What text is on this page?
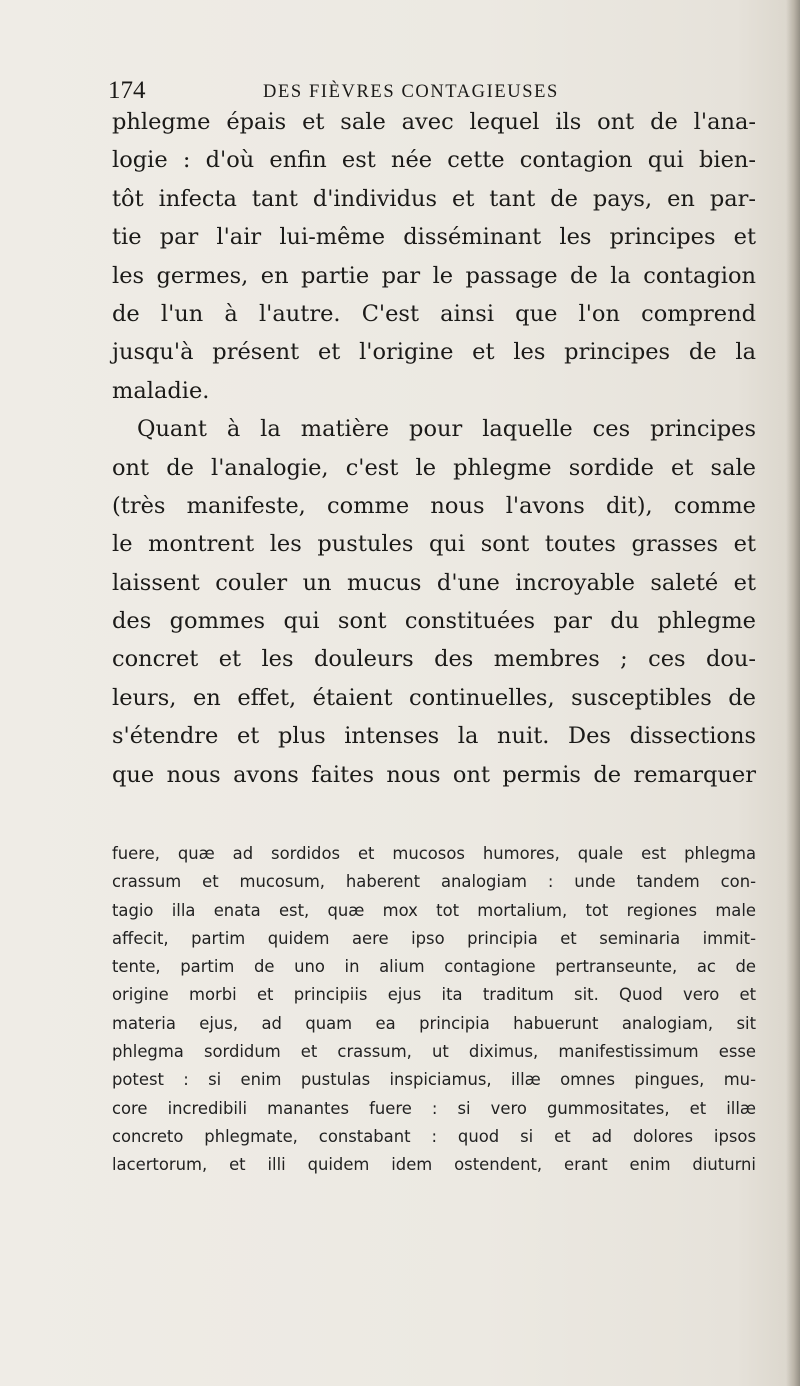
174	DES FIÈVRES CONTAGIEUSES
phlegme épais et sale avec lequel ils ont de l'ana-
logie : d'où enfin est née cette contagion qui bien-
tôt infecta tant d'individus et tant de pays, en par-
tie par l'air lui-même disséminant les principes et
les germes, en partie par le passage de la contagion
de l'un à l'autre. C'est ainsi que l'on comprend
jusqu'à présent et l'origine et les principes de la
maladie.
Quant à la matière pour laquelle ces principes
ont de l'analogie, c'est le phlegme sordide et sale
(très manifeste, comme nous l'avons dit), comme
le montrent les pustules qui sont toutes grasses et
laissent couler un mucus d'une incroyable saleté et
des gommes qui sont constituées par du phlegme
concret et les douleurs des membres ; ces dou-
leurs, en effet, étaient continuelles, susceptibles de
s'étendre et plus intenses la nuit. Des dissections
que nous avons faites nous ont permis de remarquer
fuere, quæ ad sordidos et mucosos humores, quale est phlegma
crassum et mucosum, haberent analogiam : unde tandem con-
tagio illa enata est, quæ mox tot mortalium, tot regiones male
affecit, partim quidem aere ipso principia et seminaria immit-
tente, partim de uno in alium contagione pertranseunte, ac de
origine morbi et principiis ejus ita traditum sit. Quod vero et
materia ejus, ad quam ea principia habuerunt analogiam, sit
phlegma sordidum et crassum, ut diximus, manifestissimum esse
potest : si enim pustulas inspiciamus, illæ omnes pingues, mu-
core incredibili manantes fuere : si vero gummositates, et illæ
concreto phlegmate, constabant : quod si et ad dolores ipsos
lacertorum, et illi quidem idem ostendent, erant enim diuturni
